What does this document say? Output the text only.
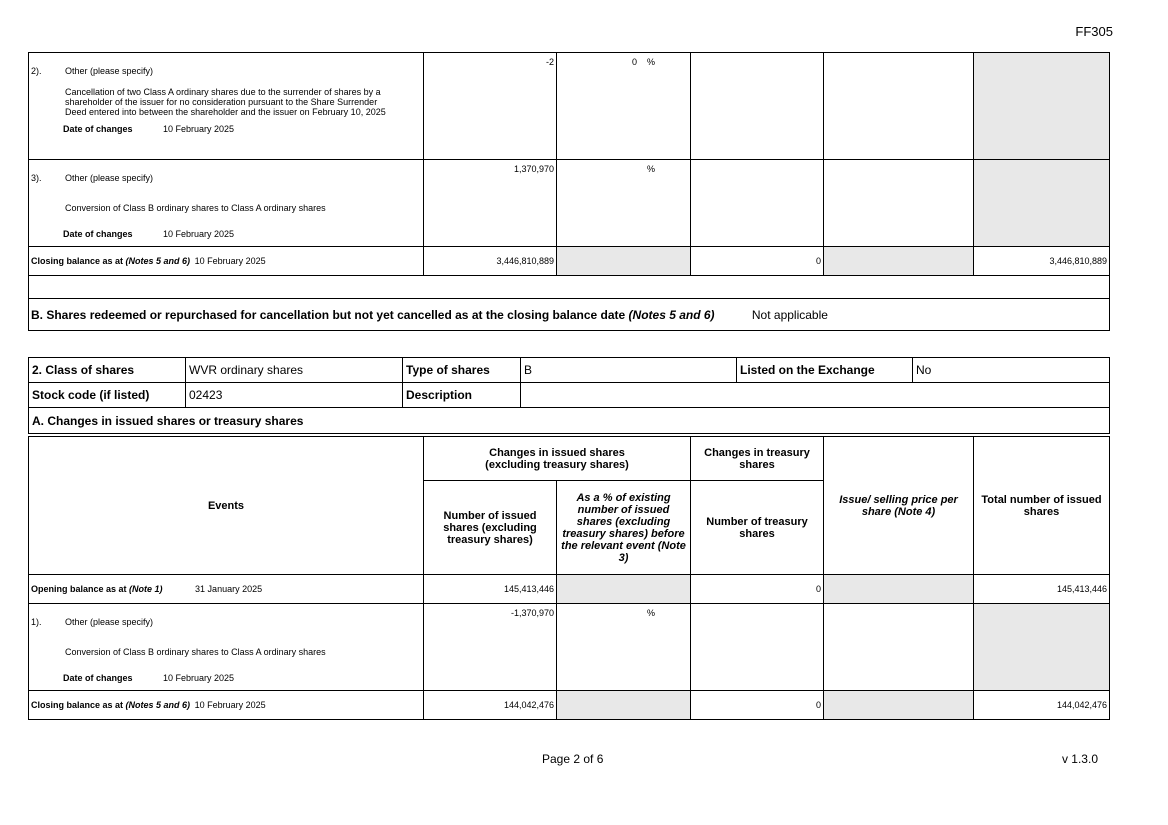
FF305
2). Other (please specify)
Cancellation of two Class A ordinary shares due to the surrender of shares by a shareholder of the issuer for no consideration pursuant to the Share Surrender Deed entered into between the shareholder and the issuer on February 10, 2025
Date of changes 10 February 2025	-2	0 %			

3). Other (please specify)
Conversion of Class B ordinary shares to Class A ordinary shares
Date of changes 10 February 2025	1,370,970	%			
Closing balance as at (Notes 5 and 6) 10 February 2025	3,446,810,889		0		3,446,810,889

B. Shares redeemed or repurchased for cancellation but not yet cancelled as at the closing balance date (Notes 5 and 6) Not applicable					
2. Class of shares	WVR ordinary shares	Type of shares	B	Listed on the Exchange	No
Stock code (if listed)	02423	Description			
A. Changes in issued shares or treasury shares					
Events	Changes in issued shares (excluding treasury shares)		Changes in treasury shares	Issue/ selling price per share (Note 4)	Total number of issued shares
	Number of issued shares (excluding treasury shares)	As a % of existing number of issued shares (excluding treasury shares) before the relevant event (Note 3)	Number of treasury shares		
Opening balance as at (Note 1) 31 January 2025	145,413,446		0		145,413,446

1). Other (please specify)
Conversion of Class B ordinary shares to Class A ordinary shares
Date of changes 10 February 2025	-1,370,970	%			
Closing balance as at (Notes 5 and 6) 10 February 2025	144,042,476		0		144,042,476
Page 2 of 6	v 1.3.0
